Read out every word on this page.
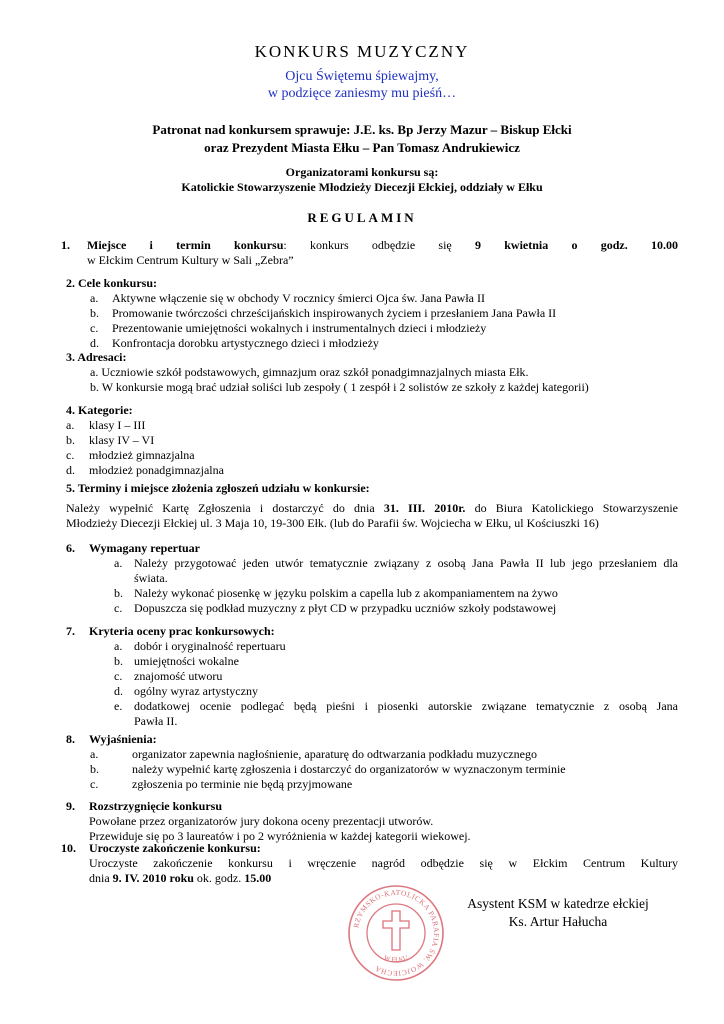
KONKURS MUZYCZNY
Ojcu Świętemu śpiewajmy,
w podzięce zaniesmy mu pieśń…
Patronat nad konkursem sprawuje: J.E. ks. Bp Jerzy Mazur – Biskup Ełcki
oraz Prezydent Miasta Ełku – Pan Tomasz Andrukiewicz
Organizatorami konkursu są:
Katolickie Stowarzyszenie Młodzieży Diecezji Ełckiej, oddziały w Ełku
REGULAMIN
1. Miejsce i termin konkursu: konkurs odbędzie się 9 kwietnia o godz. 10.00
w Ełckim Centrum Kultury w Sali „Zebra”
2. Cele konkursu:
a. Aktywne włączenie się w obchody V rocznicy śmierci Ojca św. Jana Pawła II
b. Promowanie twórczości chrześcijańskich inspirowanych życiem i przesłaniem Jana Pawła II
c. Prezentowanie umiejętności wokalnych i instrumentalnych dzieci i młodzieży
d. Konfrontacja dorobku artystycznego dzieci i młodzieży
3. Adresaci:
a. Uczniowie szkół podstawowych, gimnazjum oraz szkół ponadgimnazjalnych miasta Ełk.
b. W konkursie mogą brać udział soliści lub zespoły ( 1 zespół i 2 solistów ze szkoły z każdej kategorii)
4. Kategorie:
a. klasy I – III
b. klasy IV – VI
c. młodzież gimnazjalna
d. młodzież ponadgimnazjalna
5. Terminy i miejsce złożenia zgłoszeń udziału w konkursie:
Należy wypełnić Kartę Zgłoszenia i dostarczyć do dnia 31. III. 2010r. do Biura Katolickiego Stowarzyszenie
Młodzieży Diecezji Ełckiej ul. 3 Maja 10, 19-300 Ełk. (lub do Parafii św. Wojciecha w Ełku, ul Kościuszki 16)
6. Wymagany repertuar
a. Należy przygotować jeden utwór tematycznie związany z osobą Jana Pawła II lub jego przesłaniem dla
świata.
b. Należy wykonać piosenkę w języku polskim a capella lub z akompaniamentem na żywo
c. Dopuszcza się podkład muzyczny z płyt CD w przypadku uczniów szkoły podstawowej
7. Kryteria oceny prac konkursowych:
a. dobór i oryginalność repertuaru
b. umiejętności wokalne
c. znajomość utworu
d. ogólny wyraz artystyczny
e. dodatkowej ocenie podlegać będą pieśni i piosenki autorskie związane tematycznie z osobą Jana
Pawła II.
8. Wyjaśnienia:
a.	organizator zapewnia nagłośnienie, aparaturę do odtwarzania podkładu muzycznego
b.	należy wypełnić kartę zgłoszenia i dostarczyć do organizatorów w wyznaczonym terminie
c.	zgłoszenia po terminie nie będą przyjmowane
9. Rozstrzygnięcie konkursu
Powołane przez organizatorów jury dokona oceny prezentacji utworów.
Przewiduje się po 3 laureatów i po 2 wyróżnienia w każdej kategorii wiekowej.
10. Uroczyste zakończenie konkursu:
Uroczyste zakończenie konkursu i wręczenie nagród odbędzie się w Ełckim Centrum Kultury
dnia 9. IV. 2010 roku ok. godz. 15.00
RZYMSKO-KATOLICKA PARAFIA ŚW. WOJCIECHA
W EŁKU
Asystent KSM w katedrze ełckiej
Ks. Artur Hałucha
